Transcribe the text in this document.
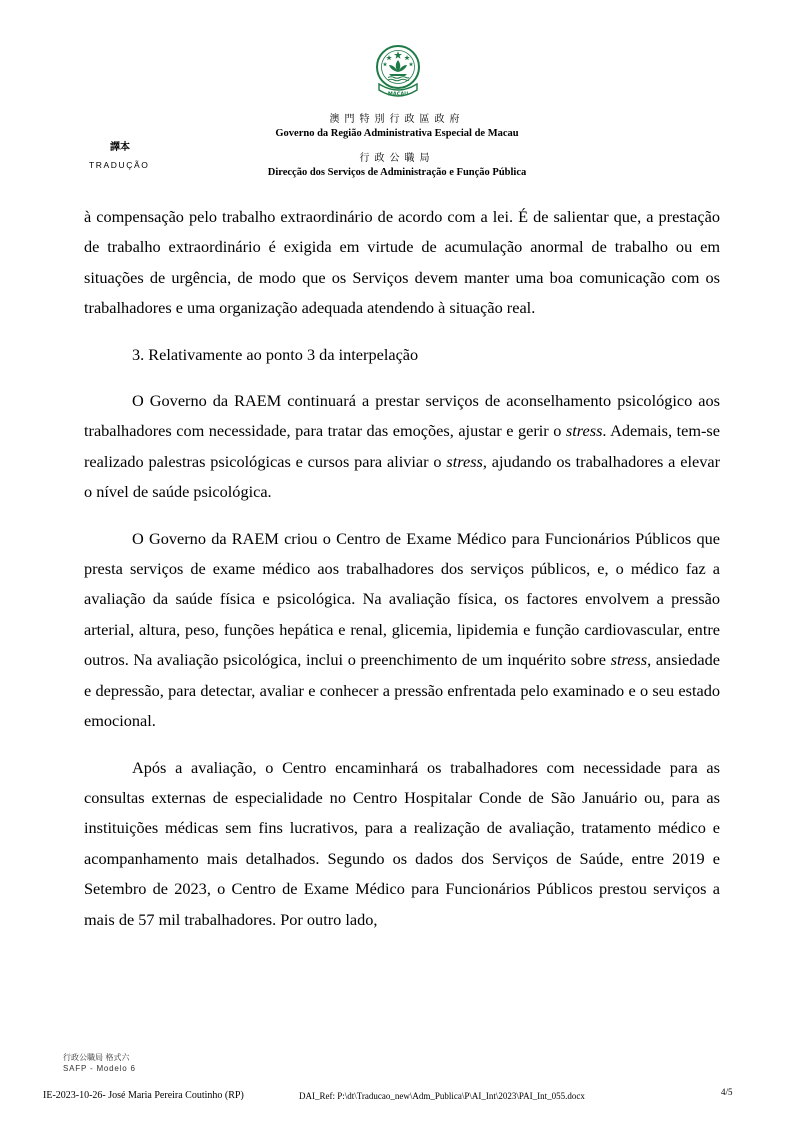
MACAU
澳門特別行政區政府
Governo da Região Administrativa Especial de Macau
行政公職局
Direcção dos Serviços de Administração e Função Pública
譯本
TRADUÇÃO

à compensação pelo trabalho extraordinário de acordo com a lei. É de salientar que, a prestação de trabalho extraordinário é exigida em virtude de acumulação anormal de trabalho ou em situações de urgência, de modo que os Serviços devem manter uma boa comunicação com os trabalhadores e uma organização adequada atendendo à situação real.

3. Relativamente ao ponto 3 da interpelação

O Governo da RAEM continuará a prestar serviços de aconselhamento psicológico aos trabalhadores com necessidade, para tratar das emoções, ajustar e gerir o stress. Ademais, tem-se realizado palestras psicológicas e cursos para aliviar o stress, ajudando os trabalhadores a elevar o nível de saúde psicológica.

O Governo da RAEM criou o Centro de Exame Médico para Funcionários Públicos que presta serviços de exame médico aos trabalhadores dos serviços públicos, e, o médico faz a avaliação da saúde física e psicológica. Na avaliação física, os factores envolvem a pressão arterial, altura, peso, funções hepática e renal, glicemia, lipidemia e função cardiovascular, entre outros. Na avaliação psicológica, inclui o preenchimento de um inquérito sobre stress, ansiedade e depressão, para detectar, avaliar e conhecer a pressão enfrentada pelo examinado e o seu estado emocional.

Após a avaliação, o Centro encaminhará os trabalhadores com necessidade para as consultas externas de especialidade no Centro Hospitalar Conde de São Januário ou, para as instituições médicas sem fins lucrativos, para a realização de avaliação, tratamento médico e acompanhamento mais detalhados. Segundo os dados dos Serviços de Saúde, entre 2019 e Setembro de 2023, o Centro de Exame Médico para Funcionários Públicos prestou serviços a mais de 57 mil trabalhadores. Por outro lado,

行政公職局 格式六
SAFP - Modelo 6
IE-2023-10-26- José Maria Pereira Coutinho (RP)	DAI_Ref: P:\dt\Traducao_new\Adm_Publica\P\AI_Int\2023\PAI_Int_055.docx	4/5
